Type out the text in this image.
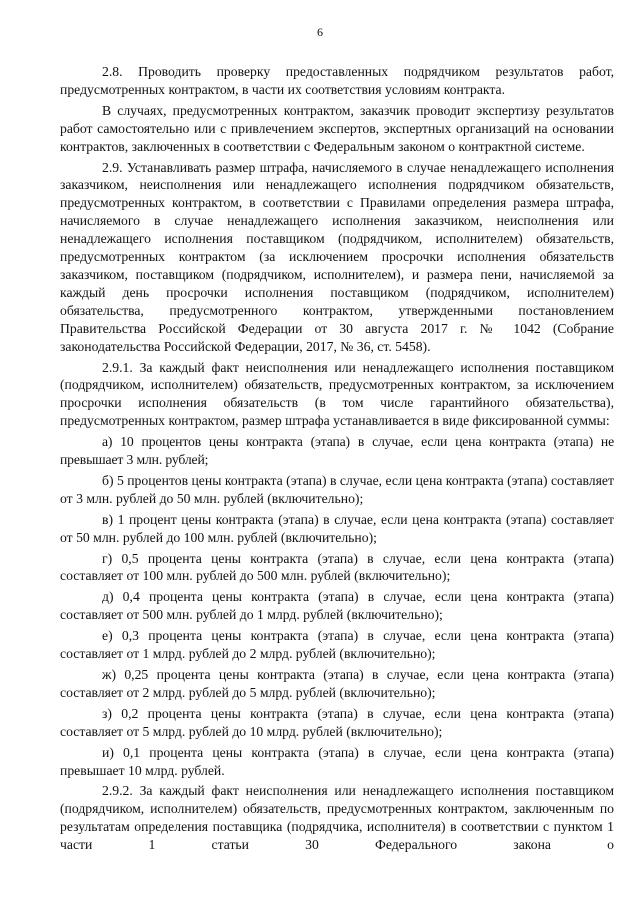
6

2.8. Проводить проверку предоставленных подрядчиком результатов работ, предусмотренных контрактом, в части их соответствия условиям контракта.

В случаях, предусмотренных контрактом, заказчик проводит экспертизу результатов работ самостоятельно или с привлечением экспертов, экспертных организаций на основании контрактов, заключенных в соответствии с Федеральным законом о контрактной системе.

2.9. Устанавливать размер штрафа, начисляемого в случае ненадлежащего исполнения заказчиком, неисполнения или ненадлежащего исполнения подрядчиком обязательств, предусмотренных контрактом, в соответствии с Правилами определения размера штрафа, начисляемого в случае ненадлежащего исполнения заказчиком, неисполнения или ненадлежащего исполнения поставщиком (подрядчиком, исполнителем) обязательств, предусмотренных контрактом (за исключением просрочки исполнения обязательств заказчиком, поставщиком (подрядчиком, исполнителем), и размера пени, начисляемой за каждый день просрочки исполнения поставщиком (подрядчиком, исполнителем) обязательства, предусмотренного контрактом, утвержденными постановлением Правительства Российской Федерации от 30 августа 2017 г. № 1042 (Собрание законодательства Российской Федерации, 2017, № 36, ст. 5458).

2.9.1. За каждый факт неисполнения или ненадлежащего исполнения поставщиком (подрядчиком, исполнителем) обязательств, предусмотренных контрактом, за исключением просрочки исполнения обязательств (в том числе гарантийного обязательства), предусмотренных контрактом, размер штрафа устанавливается в виде фиксированной суммы:

а) 10 процентов цены контракта (этапа) в случае, если цена контракта (этапа) не превышает 3 млн. рублей;

б) 5 процентов цены контракта (этапа) в случае, если цена контракта (этапа) составляет от 3 млн. рублей до 50 млн. рублей (включительно);

в) 1 процент цены контракта (этапа) в случае, если цена контракта (этапа) составляет от 50 млн. рублей до 100 млн. рублей (включительно);

г) 0,5 процента цены контракта (этапа) в случае, если цена контракта (этапа) составляет от 100 млн. рублей до 500 млн. рублей (включительно);

д) 0,4 процента цены контракта (этапа) в случае, если цена контракта (этапа) составляет от 500 млн. рублей до 1 млрд. рублей (включительно);

е) 0,3 процента цены контракта (этапа) в случае, если цена контракта (этапа) составляет от 1 млрд. рублей до 2 млрд. рублей (включительно);

ж) 0,25 процента цены контракта (этапа) в случае, если цена контракта (этапа) составляет от 2 млрд. рублей до 5 млрд. рублей (включительно);

з) 0,2 процента цены контракта (этапа) в случае, если цена контракта (этапа) составляет от 5 млрд. рублей до 10 млрд. рублей (включительно);

и) 0,1 процента цены контракта (этапа) в случае, если цена контракта (этапа) превышает 10 млрд. рублей.

2.9.2. За каждый факт неисполнения или ненадлежащего исполнения поставщиком (подрядчиком, исполнителем) обязательств, предусмотренных контрактом, заключенным по результатам определения поставщика (подрядчика, исполнителя) в соответствии с пунктом 1 части 1 статьи 30 Федерального закона о
